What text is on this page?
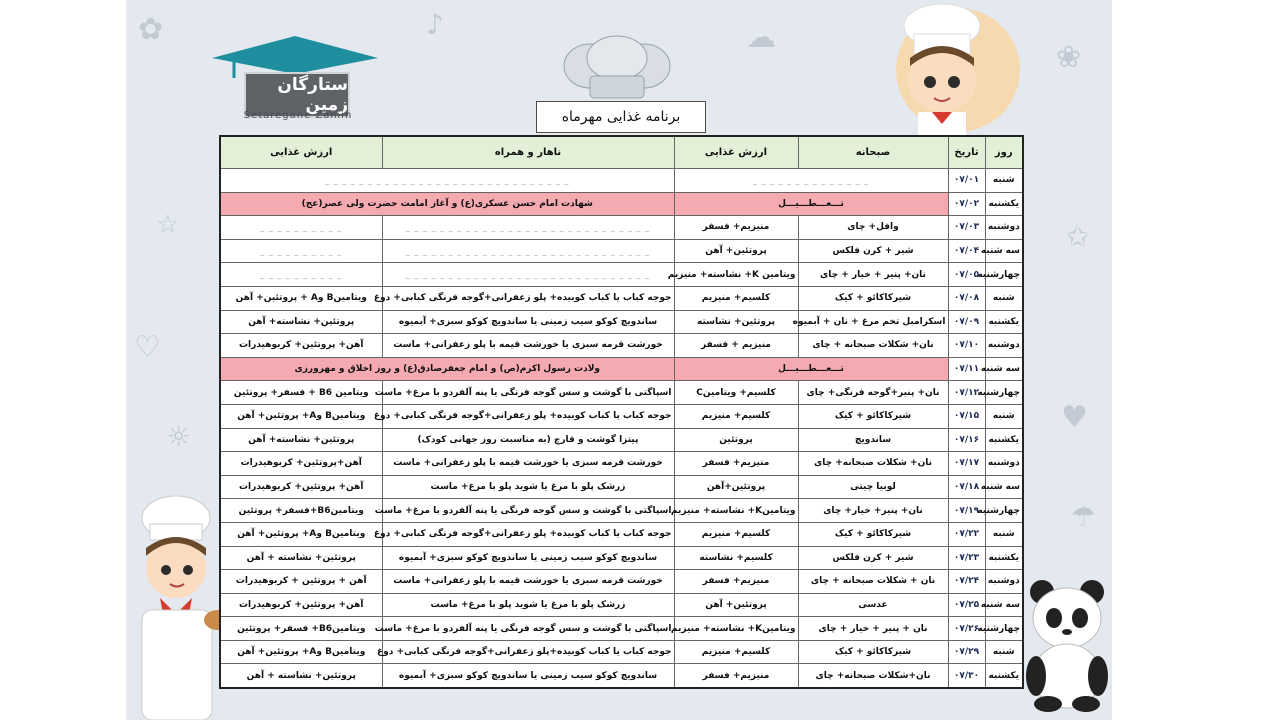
✿
☆
♡
☼
♪	☁
❀
✩
♥
☂
ستارگان زمین
Setaregane Zamin	برنامه غذایی مهرماه
روز	تاریخ	صبحانه	ارزش غذایی	ناهار و همراه	ارزش غذایی
شنبه	۰۷/۰۱	_ _ _ _ _ _ _ _ _ _ _ _ _ _		_ _ _ _ _ _ _ _ _ _ _ _ _ _ _ _ _ _ _ _ _ _ _ _ _ _ _ _ _	
یکشنبه	۰۷/۰۲	تـــعـــطـــیـــل		شهادت امام حسن عسکری(ع) و آغاز امامت حضرت ولی عصر(عج)	
دوشنبه	۰۷/۰۳	وافل+ چای	منیزیم+ فسفر	_ _ _ _ _ _ _ _ _ _ _ _ _ _ _ _ _ _ _ _ _ _ _ _ _ _ _ _ _	_ _ _ _ _ _ _ _ _ _
سه شنبه	۰۷/۰۴	شیر + کرن فلکس	پروتئین+ آهن	_ _ _ _ _ _ _ _ _ _ _ _ _ _ _ _ _ _ _ _ _ _ _ _ _ _ _ _ _	_ _ _ _ _ _ _ _ _ _
چهارشنبه	۰۷/۰۵	نان+ پنیر + خیار + چای	ویتامین K+ نشاسته+ منیزیم	_ _ _ _ _ _ _ _ _ _ _ _ _ _ _ _ _ _ _ _ _ _ _ _ _ _ _ _ _	_ _ _ _ _ _ _ _ _ _
شنبه	۰۷/۰۸	شیرکاکائو + کیک	کلسیم+ منیزیم	جوجه کباب یا کباب کوبیده+ پلو زعفرانی+گوجه فرنگی کبابی+ دوغ	ویتامینB وA + پروتئین+ آهن
یکشنبه	۰۷/۰۹	اسکرامبل تخم مرغ + نان + آبمیوه	پروتئین+ نشاسته	ساندویچ کوکو سیب زمینی یا ساندویچ کوکو سبزی+ آبمیوه	پروتئین+ نشاسته+ آهن
دوشنبه	۰۷/۱۰	نان+ شکلات صبحانه + چای	منیزیم + فسفر	خورشت قرمه سبزی یا خورشت قیمه با پلو زعفرانی+ ماست	آهن+ پروتئین+ کربوهیدرات
سه شنبه	۰۷/۱۱	تـــعـــطـــیـــل		ولادت رسول اکرم(ص) و امام جعفرصادق(ع) و روز اخلاق و مهرورزی	
چهارشنبه	۰۷/۱۲	نان+ پنیر+گوجه فرنگی+ چای	کلسیم+ ویتامینC	اسپاگتی با گوشت و سس گوجه فرنگی یا پنه آلفردو با مرغ+ ماست	ویتامین B6 + فسفر+ پروتئین
شنبه	۰۷/۱۵	شیرکاکائو + کیک	کلسیم+ منیزیم	جوجه کباب یا کباب کوبیده+ پلو زعفرانی+گوجه فرنگی کبابی+ دوغ	ویتامینB وA+ پروتئین+ آهن
یکشنبه	۰۷/۱۶	ساندویچ	پروتئین	پیتزا گوشت و قارچ (به مناسبت روز جهانی کودک)	پروتئین+ نشاسته+ آهن
دوشنبه	۰۷/۱۷	نان+ شکلات صبحانه+ چای	منیزیم+ فسفر	خورشت قرمه سبزی یا خورشت قیمه با پلو زعفرانی+ ماست	آهن+پروتئین+ کربوهیدرات
سه شنبه	۰۷/۱۸	لوبیا چیتی	پروتئین+آهن	زرشک پلو با مرغ یا شوید پلو با مرغ+ ماست	آهن+ پروتئین+ کربوهیدرات
چهارشنبه	۰۷/۱۹	نان+ پنیر+ خیار+ چای	ویتامینK+ نشاسته+ منیزیم	اسپاگتی با گوشت و سس گوجه فرنگی یا پنه آلفردو با مرغ+ ماست	ویتامینB6+فسفر+ پروتئین
شنبه	۰۷/۲۲	شیرکاکائو + کیک	کلسیم+ منیزیم	جوجه کباب یا کباب کوبیده+ پلو زعفرانی+گوجه فرنگی کبابی+ دوغ	ویتامینB وA+ پروتئین+ آهن
یکشنبه	۰۷/۲۳	شیر + کرن فلکس	کلسیم+ نشاسته	ساندویچ کوکو سیب زمینی یا ساندویچ کوکو سبزی+ آبمیوه	پروتئین+ نشاسته + آهن
دوشنبه	۰۷/۲۴	نان + شکلات صبحانه + چای	منیزیم+ فسفر	خورشت قرمه سبزی یا خورشت قیمه با پلو زعفرانی+ ماست	آهن + پروتئین + کربوهیدرات
سه شنبه	۰۷/۲۵	عدسی	پروتئین+ آهن	زرشک پلو با مرغ یا شوید پلو با مرغ+ ماست	آهن+ پروتئین+ کربوهیدرات
چهارشنبه	۰۷/۲۶	نان + پنیر + خیار + چای	ویتامینK+ نشاسته+ منیزیم	اسپاگتی با گوشت و سس گوجه فرنگی یا پنه آلفردو با مرغ+ ماست	ویتامینB6+ فسفر+ پروتئین
شنبه	۰۷/۲۹	شیرکاکائو + کیک	کلسیم+ منیزیم	جوجه کباب یا کباب کوبیده+پلو زعفرانی+گوجه فرنگی کبابی+ دوغ	ویتامینB وA+ پروتئین+ آهن
یکشنبه	۰۷/۳۰	نان+شکلات صبحانه+ چای	منیزیم+ فسفر	ساندویچ کوکو سیب زمینی یا ساندویچ کوکو سبزی+ آبمیوه	پروتئین+ نشاسته + آهن
